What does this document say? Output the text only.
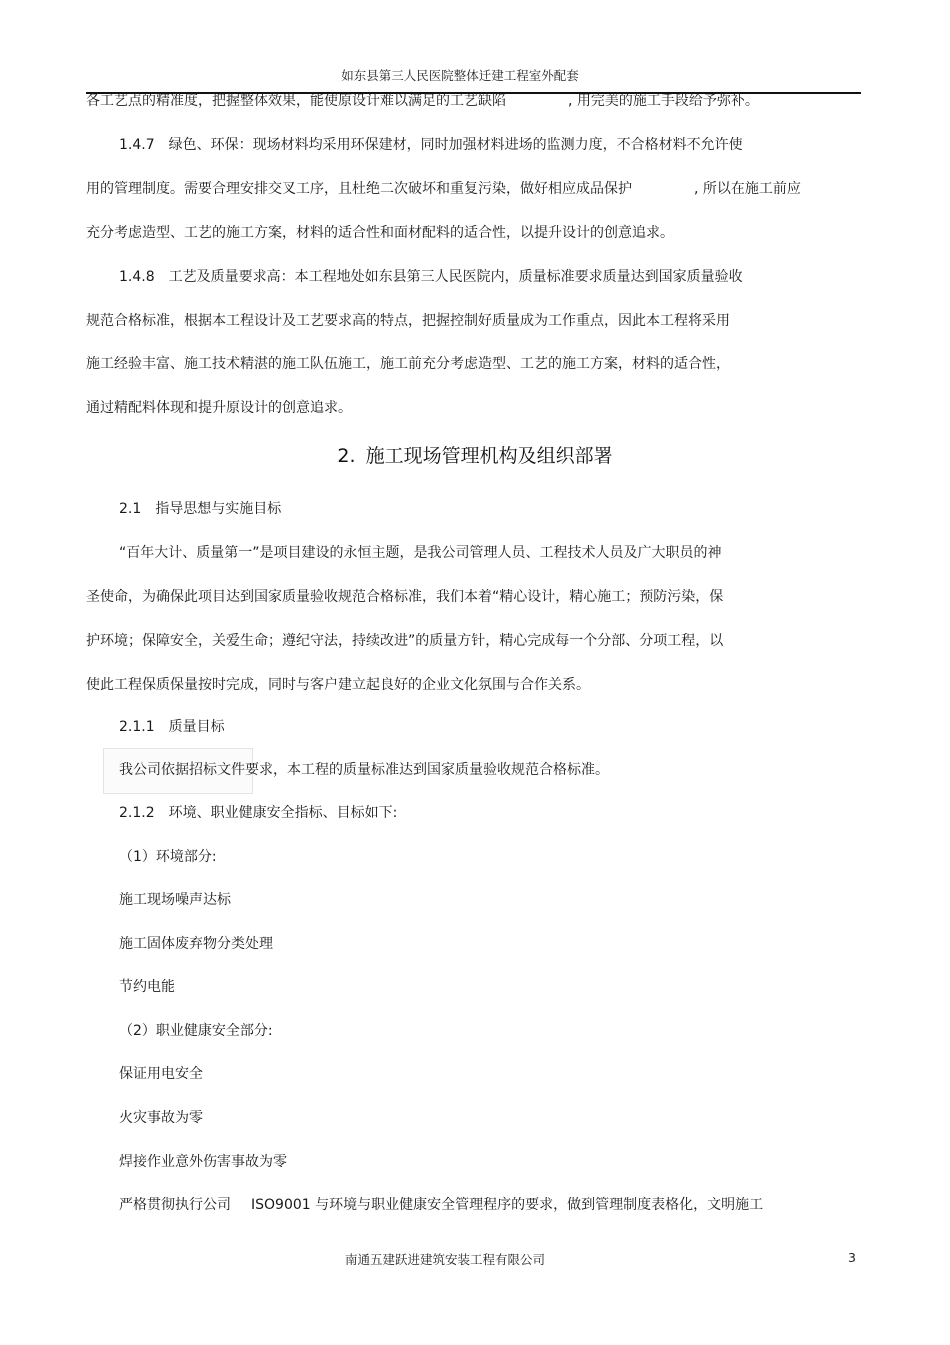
如东县第三人民医院整体迁建工程室外配套
各工艺点的精准度，把握整体效果，能使原设计难以满足的工艺缺陷	, 用完美的施工手段给予弥补。
1.4.7 绿色、环保：现场材料均采用环保建材，同时加强材料进场的监测力度，不合格材料不允许使
用的管理制度。需要合理安排交叉工序，且杜绝二次破坏和重复污染，做好相应成品保护	, 所以在施工前应
充分考虑造型、工艺的施工方案，材料的适合性和面材配料的适合性，以提升设计的创意追求。
1.4.8 工艺及质量要求高：本工程地处如东县第三人民医院内，质量标准要求质量达到国家质量验收
规范合格标准，根据本工程设计及工艺要求高的特点，把握控制好质量成为工作重点，因此本工程将采用
施工经验丰富、施工技术精湛的施工队伍施工，施工前充分考虑造型、工艺的施工方案，材料的适合性，
通过精配料体现和提升原设计的创意追求。
2. 施工现场管理机构及组织部署
2.1 指导思想与实施目标
“百年大计、质量第一”是项目建设的永恒主题，是我公司管理人员、工程技术人员及广大职员的神
圣使命，为确保此项目达到国家质量验收规范合格标准，我们本着“精心设计，精心施工；预防污染，保
护环境；保障安全，关爱生命；遵纪守法，持续改进”的质量方针，精心完成每一个分部、分项工程，以
使此工程保质保量按时完成，同时与客户建立起良好的企业文化氛围与合作关系。
2.1.1 质量目标
我公司依据招标文件要求，本工程的质量标准达到国家质量验收规范合格标准。
2.1.2 环境、职业健康安全指标、目标如下:
（1）环境部分:
施工现场噪声达标
施工固体废弃物分类处理
节约电能
（2）职业健康安全部分:
保证用电安全
火灾事故为零
焊接作业意外伤害事故为零
严格贯彻执行公司 ISO9001 与环境与职业健康安全管理程序的要求，做到管理制度表格化，文明施工
南通五建跃进建筑安装工程有限公司	3
